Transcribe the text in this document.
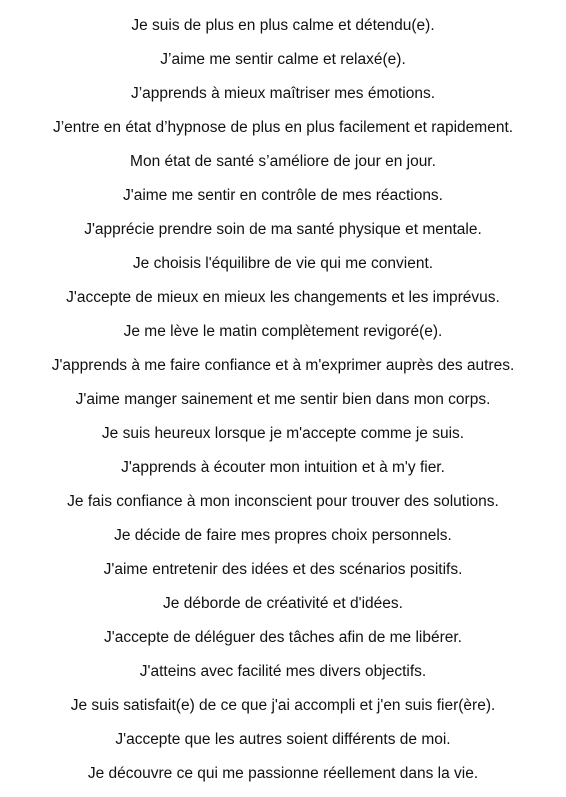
Je suis de plus en plus calme et détendu(e).
J’aime me sentir calme et relaxé(e).
J’apprends à mieux maîtriser mes émotions.
J’entre en état d’hypnose de plus en plus facilement et rapidement.
Mon état de santé s’améliore de jour en jour.
J'aime me sentir en contrôle de mes réactions.
J'apprécie prendre soin de ma santé physique et mentale.
Je choisis l'équilibre de vie qui me convient.
J'accepte de mieux en mieux les changements et les imprévus.
Je me lève le matin complètement revigoré(e).
J'apprends à me faire confiance et à m'exprimer auprès des autres.
J'aime manger sainement et me sentir bien dans mon corps.
Je suis heureux lorsque je m'accepte comme je suis.
J'apprends à écouter mon intuition et à m'y fier.
Je fais confiance à mon inconscient pour trouver des solutions.
Je décide de faire mes propres choix personnels.
J'aime entretenir des idées et des scénarios positifs.
Je déborde de créativité et d'idées.
J'accepte de déléguer des tâches afin de me libérer.
J'atteins avec facilité mes divers objectifs.
Je suis satisfait(e) de ce que j'ai accompli et j'en suis fier(ère).
J'accepte que les autres soient différents de moi.
Je découvre ce qui me passionne réellement dans la vie.
